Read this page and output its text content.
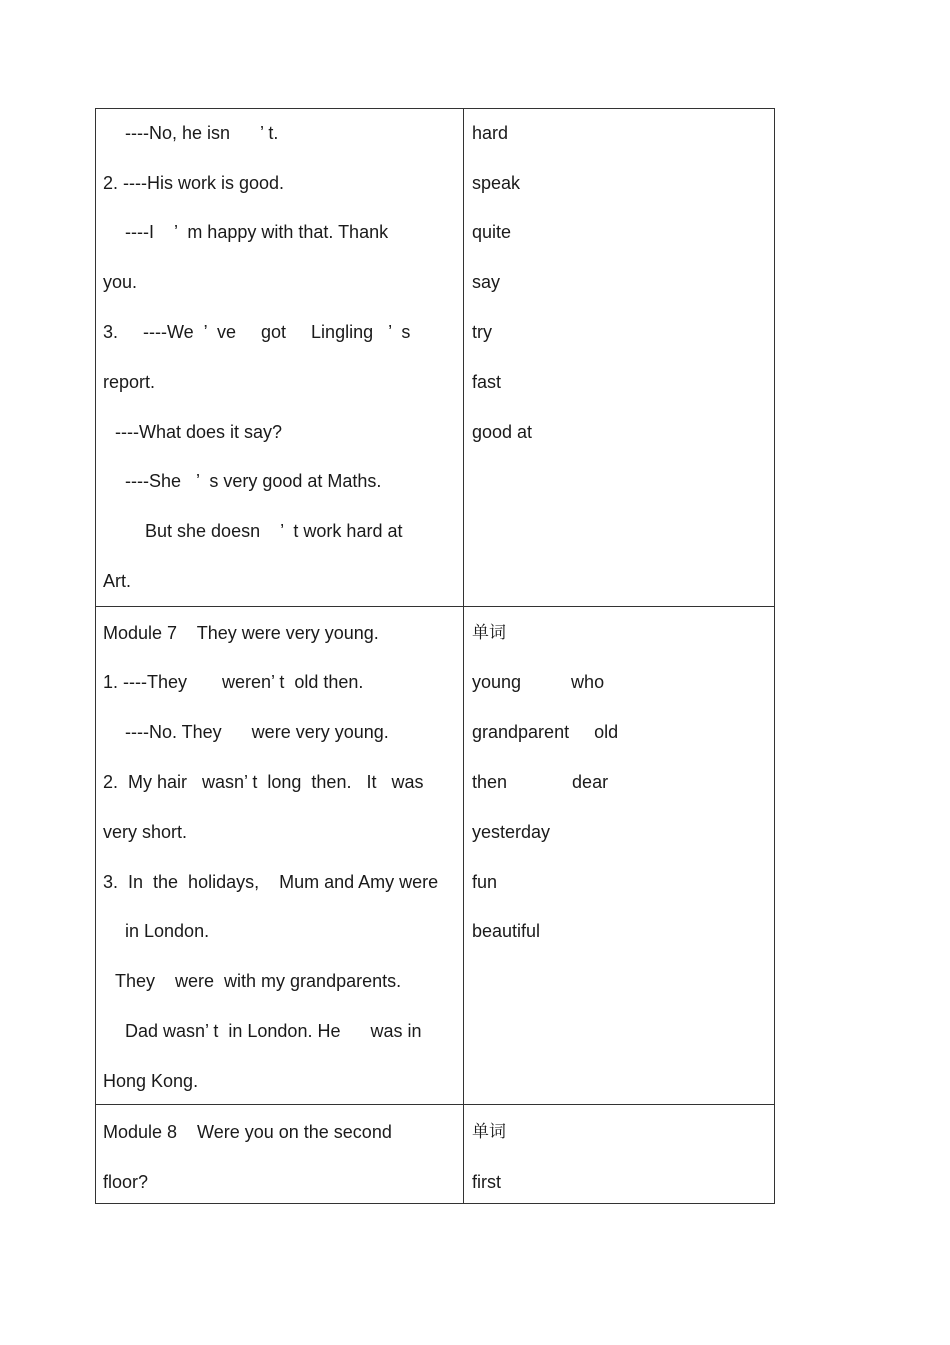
----No, he isn      ’ t.
2. ----His work is good.
----I    ’  m happy with that. Thank
you.
3.     ----We  ’  ve     got     Lingling   ’  s
report.
----What does it say?
----She   ’  s very good at Maths.
But she doesn    ’  t work hard at
Art.
hard
speak
quite
say
try
fast
good at
Module 7    They were very young.
1. ----They       weren’ t  old then.
----No. They      were very young.
2.  My hair   wasn’ t  long  then.   It   was
very short.
3.  In  the  holidays,    Mum and Amy were
in London.
They    were  with my grandparents.
Dad wasn’ t  in London. He      was in
Hong Kong.
单词
young          who
grandparent     old
then             dear
yesterday
fun
beautiful
Module 8    Were you on the second
floor?
单词
first
